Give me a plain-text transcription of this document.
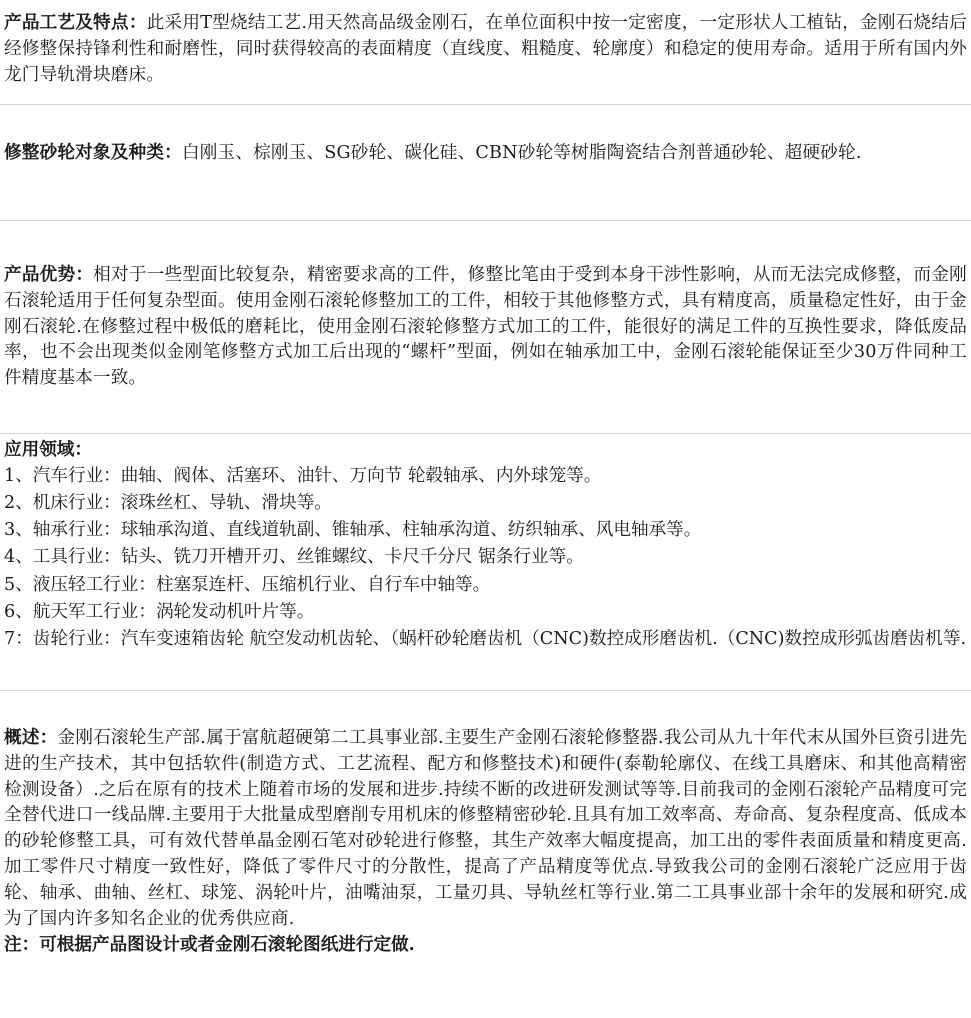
产品工艺及特点：此采用T型烧结工艺.用天然高品级金刚石，在单位面积中按一定密度，一定形状人工植钻，金刚石烧结后经修整保持锋利性和耐磨性，同时获得较高的表面精度（直线度、粗糙度、轮廓度）和稳定的使用寿命。适用于所有国内外龙门导轨滑块磨床。

修整砂轮对象及种类：白刚玉、棕刚玉、SG砂轮、碳化硅、CBN砂轮等树脂陶瓷结合剂普通砂轮、超硬砂轮.

产品优势：相对于一些型面比较复杂，精密要求高的工件，修整比笔由于受到本身干涉性影响，从而无法完成修整，而金刚石滚轮适用于任何复杂型面。使用金刚石滚轮修整加工的工件，相较于其他修整方式，具有精度高，质量稳定性好，由于金刚石滚轮.在修整过程中极低的磨耗比，使用金刚石滚轮修整方式加工的工件，能很好的满足工件的互换性要求，降低废品率，也不会出现类似金刚笔修整方式加工后出现的“螺杆”型面，例如在轴承加工中，金刚石滚轮能保证至少30万件同种工件精度基本一致。

应用领域：
1、汽车行业：曲轴、阀体、活塞环、油针、万向节 轮毂轴承、内外球笼等。
2、机床行业：滚珠丝杠、导轨、滑块等。
3、轴承行业：球轴承沟道、直线道轨副、锥轴承、柱轴承沟道、纺织轴承、风电轴承等。
4、工具行业：钻头、铣刀开槽开刃、丝锥螺纹、卡尺千分尺 锯条行业等。
5、液压轻工行业：柱塞泵连杆、压缩机行业、自行车中轴等。
6、航天军工行业：涡轮发动机叶片等。
7：齿轮行业：汽车变速箱齿轮 航空发动机齿轮、（蜗杆砂轮磨齿机（CNC)数控成形磨齿机.（CNC)数控成形弧齿磨齿机等.

概述：金刚石滚轮生产部.属于富航超硬第二工具事业部.主要生产金刚石滚轮修整器.我公司从九十年代末从国外巨资引进先进的生产技术，其中包括软件(制造方式、工艺流程、配方和修整技术)和硬件(泰勒轮廓仪、在线工具磨床、和其他高精密检测设备）.之后在原有的技术上随着市场的发展和进步.持续不断的改进研发测试等等.目前我司的金刚石滚轮产品精度可完全替代进口一线品牌.主要用于大批量成型磨削专用机床的修整精密砂轮.且具有加工效率高、寿命高、复杂程度高、低成本的砂轮修整工具，可有效代替单晶金刚石笔对砂轮进行修整，其生产效率大幅度提高，加工出的零件表面质量和精度更高.加工零件尺寸精度一致性好，降低了零件尺寸的分散性，提高了产品精度等优点.导致我公司的金刚石滚轮广泛应用于齿轮、轴承、曲轴、丝杠、球笼、涡轮叶片，油嘴油泵，工量刃具、导轨丝杠等行业.第二工具事业部十余年的发展和研究.成为了国内许多知名企业的优秀供应商.

注：可根据产品图设计或者金刚石滚轮图纸进行定做.
